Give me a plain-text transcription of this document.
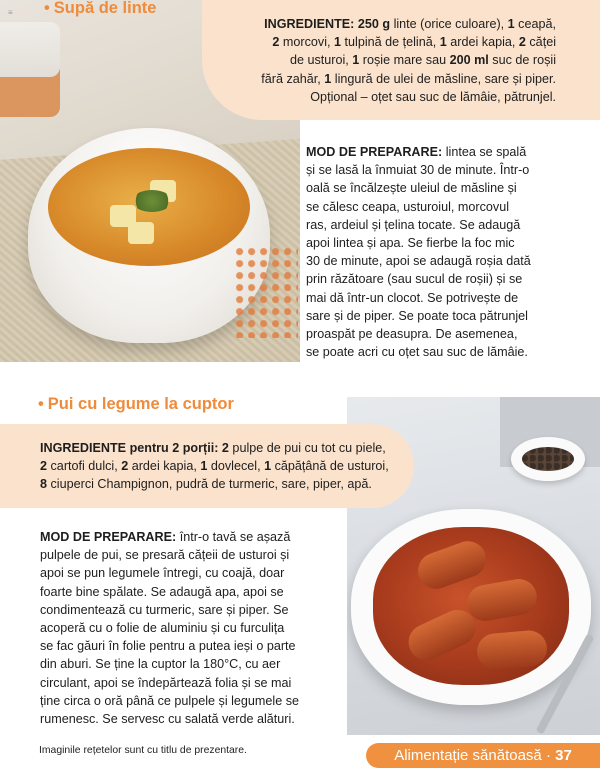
≡ • Supă de linte
INGREDIENTE: 250 g linte (orice culoare), 1 ceapă,
2 morcovi, 1 tulpină de țelină, 1 ardei kapia, 2 căței
de usturoi, 1 roșie mare sau 200 ml suc de roșii
fără zahăr, 1 lingură de ulei de măsline, sare și piper.
Opțional – oțet sau suc de lămâie, pătrunjel.
MOD DE PREPARARE: lintea se spală
și se lasă la înmuiat 30 de minute. Într-o
oală se încălzește uleiul de măsline și
se călesc ceapa, usturoiul, morcovul
ras, ardeiul și țelina tocate. Se adaugă
apoi lintea și apa. Se fierbe la foc mic
30 de minute, apoi se adaugă roșia dată
prin răzătoare (sau sucul de roșii) și se
mai dă într-un clocot. Se potrivește de
sare și de piper. Se poate toca pătrunjel
proaspăt pe deasupra. De asemenea,
se poate acri cu oțet sau suc de lămâie.
• Pui cu legume la cuptor
INGREDIENTE pentru 2 porții: 2 pulpe de pui cu tot cu piele,
2 cartofi dulci, 2 ardei kapia, 1 dovlecel, 1 căpățână de usturoi,
8 ciuperci Champignon, pudră de turmeric, sare, piper, apă.
MOD DE PREPARARE: într-o tavă se așază
pulpele de pui, se presară cățeii de usturoi și
apoi se pun legumele întregi, cu coajă, doar
foarte bine spălate. Se adaugă apa, apoi se
condimentează cu turmeric, sare și piper. Se
acoperă cu o folie de aluminiu și cu furculița
se fac găuri în folie pentru a putea ieși o parte
din aburi. Se ține la cuptor la 180°C, cu aer
circulant, apoi se îndepărtează folia și se mai
ține circa o oră până ce pulpele și legumele se
rumenesc. Se servesc cu salată verde alături.
Imaginile rețetelor sunt cu titlu de prezentare.	Alimentație sănătoasă · 37
